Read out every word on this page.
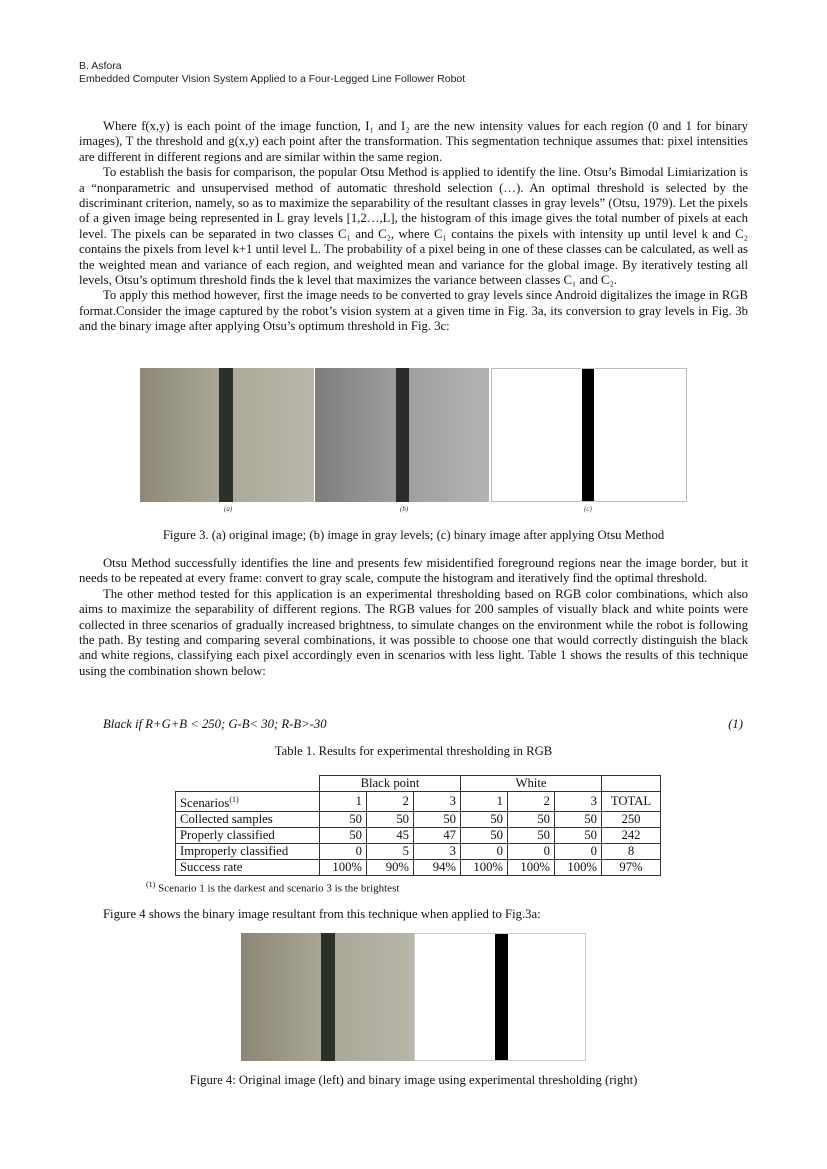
B. Asfora
Embedded Computer Vision System Applied to a Four-Legged Line Follower Robot

Where f(x,y) is each point of the image function, I₁ and I₂ are the new intensity values for each region (0 and 1 for binary images), T the threshold and g(x,y) each point after the transformation. This segmentation technique assumes that: pixel intensities are different in different regions and are similar within the same region.

To establish the basis for comparison, the popular Otsu Method is applied to identify the line. Otsu’s Bimodal Limiarization is a “nonparametric and unsupervised method of automatic threshold selection (…). An optimal threshold is selected by the discriminant criterion, namely, so as to maximize the separability of the resultant classes in gray levels” (Otsu, 1979). Let the pixels of a given image being represented in L gray levels [1,2…,L], the histogram of this image gives the total number of pixels at each level. The pixels can be separated in two classes C₁ and C₂, where C₁ contains the pixels with intensity up until level k and C₂ contains the pixels from level k+1 until level L. The probability of a pixel being in one of these classes can be calculated, as well as the weighted mean and variance of each region, and weighted mean and variance for the global image. By iteratively testing all levels, Otsu’s optimum threshold finds the k level that maximizes the variance between classes C₁ and C₂.

To apply this method however, first the image needs to be converted to gray levels since Android digitalizes the image in RGB format.Consider the image captured by the robot’s vision system at a given time in Fig. 3a, its conversion to gray levels in Fig. 3b and the binary image after applying Otsu’s optimum threshold in Fig. 3c:

(a)	(b)	(c)
Figure 3. (a) original image; (b) image in gray levels; (c) binary image after applying Otsu Method

Otsu Method successfully identifies the line and presents few misidentified foreground regions near the image border, but it needs to be repeated at every frame: convert to gray scale, compute the histogram and iteratively find the optimal threshold.

The other method tested for this application is an experimental thresholding based on RGB color combinations, which also aims to maximize the separability of different regions. The RGB values for 200 samples of visually black and white points were collected in three scenarios of gradually increased brightness, to simulate changes on the environment while the robot is following the path. By testing and comparing several combinations, it was possible to choose one that would correctly distinguish the black and white regions, classifying each pixel accordingly even in scenarios with less light. Table 1 shows the results of this technique using the combination shown below:

Black if R+G+B < 250; G-B< 30; R-B>-30	(1)
Table 1. Results for experimental thresholding in RGB
	Black point			White			
Scenarios$^{(1)}$	1	2	3	1	2	3	TOTAL
Collected samples	50	50	50	50	50	50	250
Properly classified	50	45	47	50	50	50	242
Improperly classified	0	5	3	0	0	0	8
Success rate	100%	90%	94%	100%	100%	100%	97%
$^{(1)}$ Scenario 1 is the darkest and scenario 3 is the brightest

Figure 4 shows the binary image resultant from this technique when applied to Fig.3a:

Figure 4: Original image (left) and binary image using experimental thresholding (right)
